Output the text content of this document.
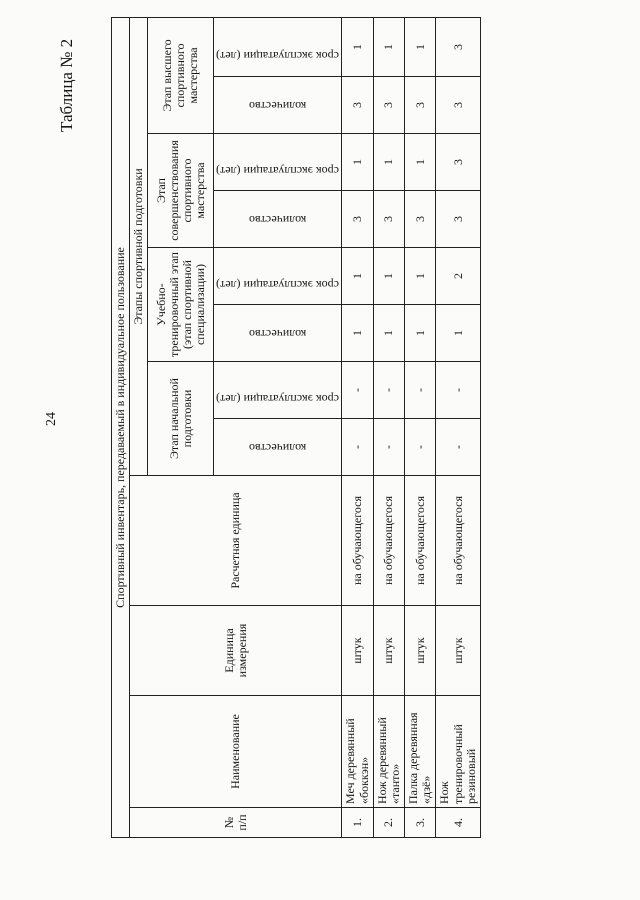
24
Таблица № 2
Спортивный инвентарь, передаваемый в индивидуальное пользование											
№ п/п	Наименование	Единица измерения	Расчетная единица	Этапы спортивной подготовки							
				Этап начальной подготовки		Учебно-тренировочный этап (этап спортивной специализации)		Этап совершенствования спортивного мастерства		Этап высшего спортивного мастерства	

				количество	срок эксплуатации (лет)	количество	срок эксплуатации (лет)	количество	срок эксплуатации (лет)	количество	срок эксплуатации (лет)

1.	Меч деревянный «боккэн»	штук	на обучающегося	-	-	1	1	3	1	3	1
2.	Нож деревянный «танто»	штук	на обучающегося	-	-	1	1	3	1	3	1
3.	Палка деревянная «дзё»	штук	на обучающегося	-	-	1	1	3	1	3	1
4.	Нож тренировочный резиновый	штук	на обучающегося	-	-	1	2	3	3	3	3
